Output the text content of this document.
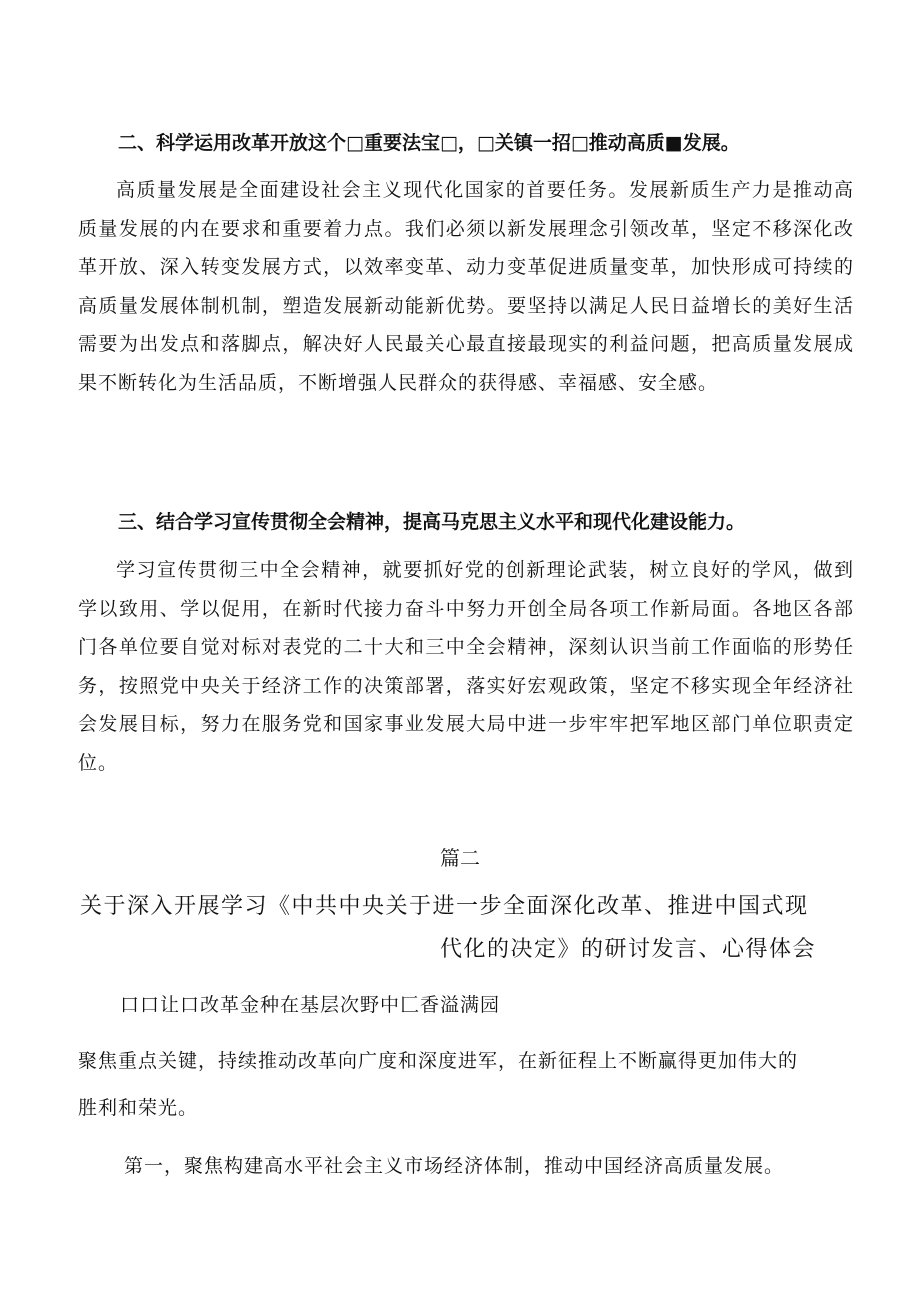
二、科学运用改革开放这个□重要法宝□，□关镇一招□推动高质■发展。

高质量发展是全面建设社会主义现代化国家的首要任务。发展新质生产力是推动高质量发展的内在要求和重要着力点。我们必须以新发展理念引领改革，坚定不移深化改革开放、深入转变发展方式，以效率变革、动力变革促进质量变革，加快形成可持续的高质量发展体制机制，塑造发展新动能新优势。要坚持以满足人民日益增长的美好生活需要为出发点和落脚点，解决好人民最关心最直接最现实的利益问题，把高质量发展成果不断转化为生活品质，不断增强人民群众的获得感、幸福感、安全感。

三、结合学习宣传贯彻全会精神，提高马克思主义水平和现代化建设能力。

学习宣传贯彻三中全会精神，就要抓好党的创新理论武装，树立良好的学风，做到学以致用、学以促用，在新时代接力奋斗中努力开创全局各项工作新局面。各地区各部门各单位要自觉对标对表党的二十大和三中全会精神，深刻认识当前工作面临的形势任务，按照党中央关于经济工作的决策部署，落实好宏观政策，坚定不移实现全年经济社会发展目标，努力在服务党和国家事业发展大局中进一步牢牢把军地区部门单位职责定位。

篇二
关于深入开展学习《中共中央关于进一步全面深化改革、推进中国式现
代化的决定》的研讨发言、心得体会
口口让口改革金种在基层次野中匚香溢满园
聚焦重点关键，持续推动改革向广度和深度进军，在新征程上不断赢得更加伟大的
胜利和荣光。
第一，聚焦构建高水平社会主义市场经济体制，推动中国经济高质量发展。
